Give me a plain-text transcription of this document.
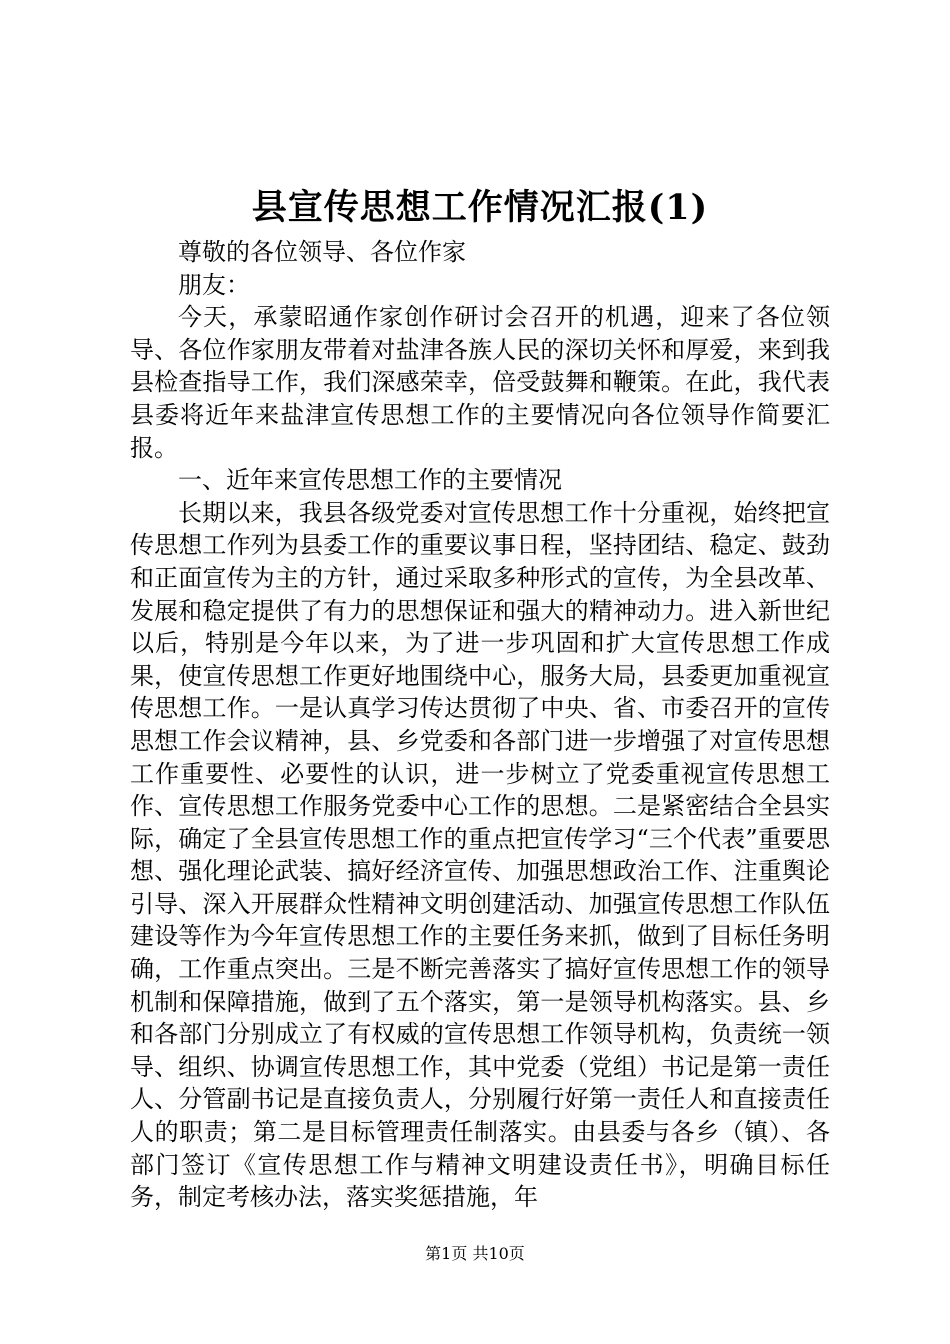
县宣传思想工作情况汇报(1)

尊敬的各位领导、各位作家

朋友：

今天，承蒙昭通作家创作研讨会召开的机遇，迎来了各位领导、各位作家朋友带着对盐津各族人民的深切关怀和厚爱，来到我县检查指导工作，我们深感荣幸，倍受鼓舞和鞭策。在此，我代表县委将近年来盐津宣传思想工作的主要情况向各位领导作简要汇报。

一、近年来宣传思想工作的主要情况

长期以来，我县各级党委对宣传思想工作十分重视，始终把宣传思想工作列为县委工作的重要议事日程，坚持团结、稳定、鼓劲和正面宣传为主的方针，通过采取多种形式的宣传，为全县改革、发展和稳定提供了有力的思想保证和强大的精神动力。进入新世纪以后，特别是今年以来，为了进一步巩固和扩大宣传思想工作成果，使宣传思想工作更好地围绕中心，服务大局，县委更加重视宣传思想工作。一是认真学习传达贯彻了中央、省、市委召开的宣传思想工作会议精神，县、乡党委和各部门进一步增强了对宣传思想工作重要性、必要性的认识，进一步树立了党委重视宣传思想工作、宣传思想工作服务党委中心工作的思想。二是紧密结合全县实际，确定了全县宣传思想工作的重点把宣传学习“三个代表”重要思想、强化理论武装、搞好经济宣传、加强思想政治工作、注重舆论引导、深入开展群众性精神文明创建活动、加强宣传思想工作队伍建设等作为今年宣传思想工作的主要任务来抓，做到了目标任务明确，工作重点突出。三是不断完善落实了搞好宣传思想工作的领导机制和保障措施，做到了五个落实，第一是领导机构落实。县、乡和各部门分别成立了有权威的宣传思想工作领导机构，负责统一领导、组织、协调宣传思想工作，其中党委（党组）书记是第一责任人、分管副书记是直接负责人，分别履行好第一责任人和直接责任人的职责；第二是目标管理责任制落实。由县委与各乡（镇）、各部门签订《宣传思想工作与精神文明建设责任书》，明确目标任务，制定考核办法，落实奖惩措施，年

第1页 共10页
